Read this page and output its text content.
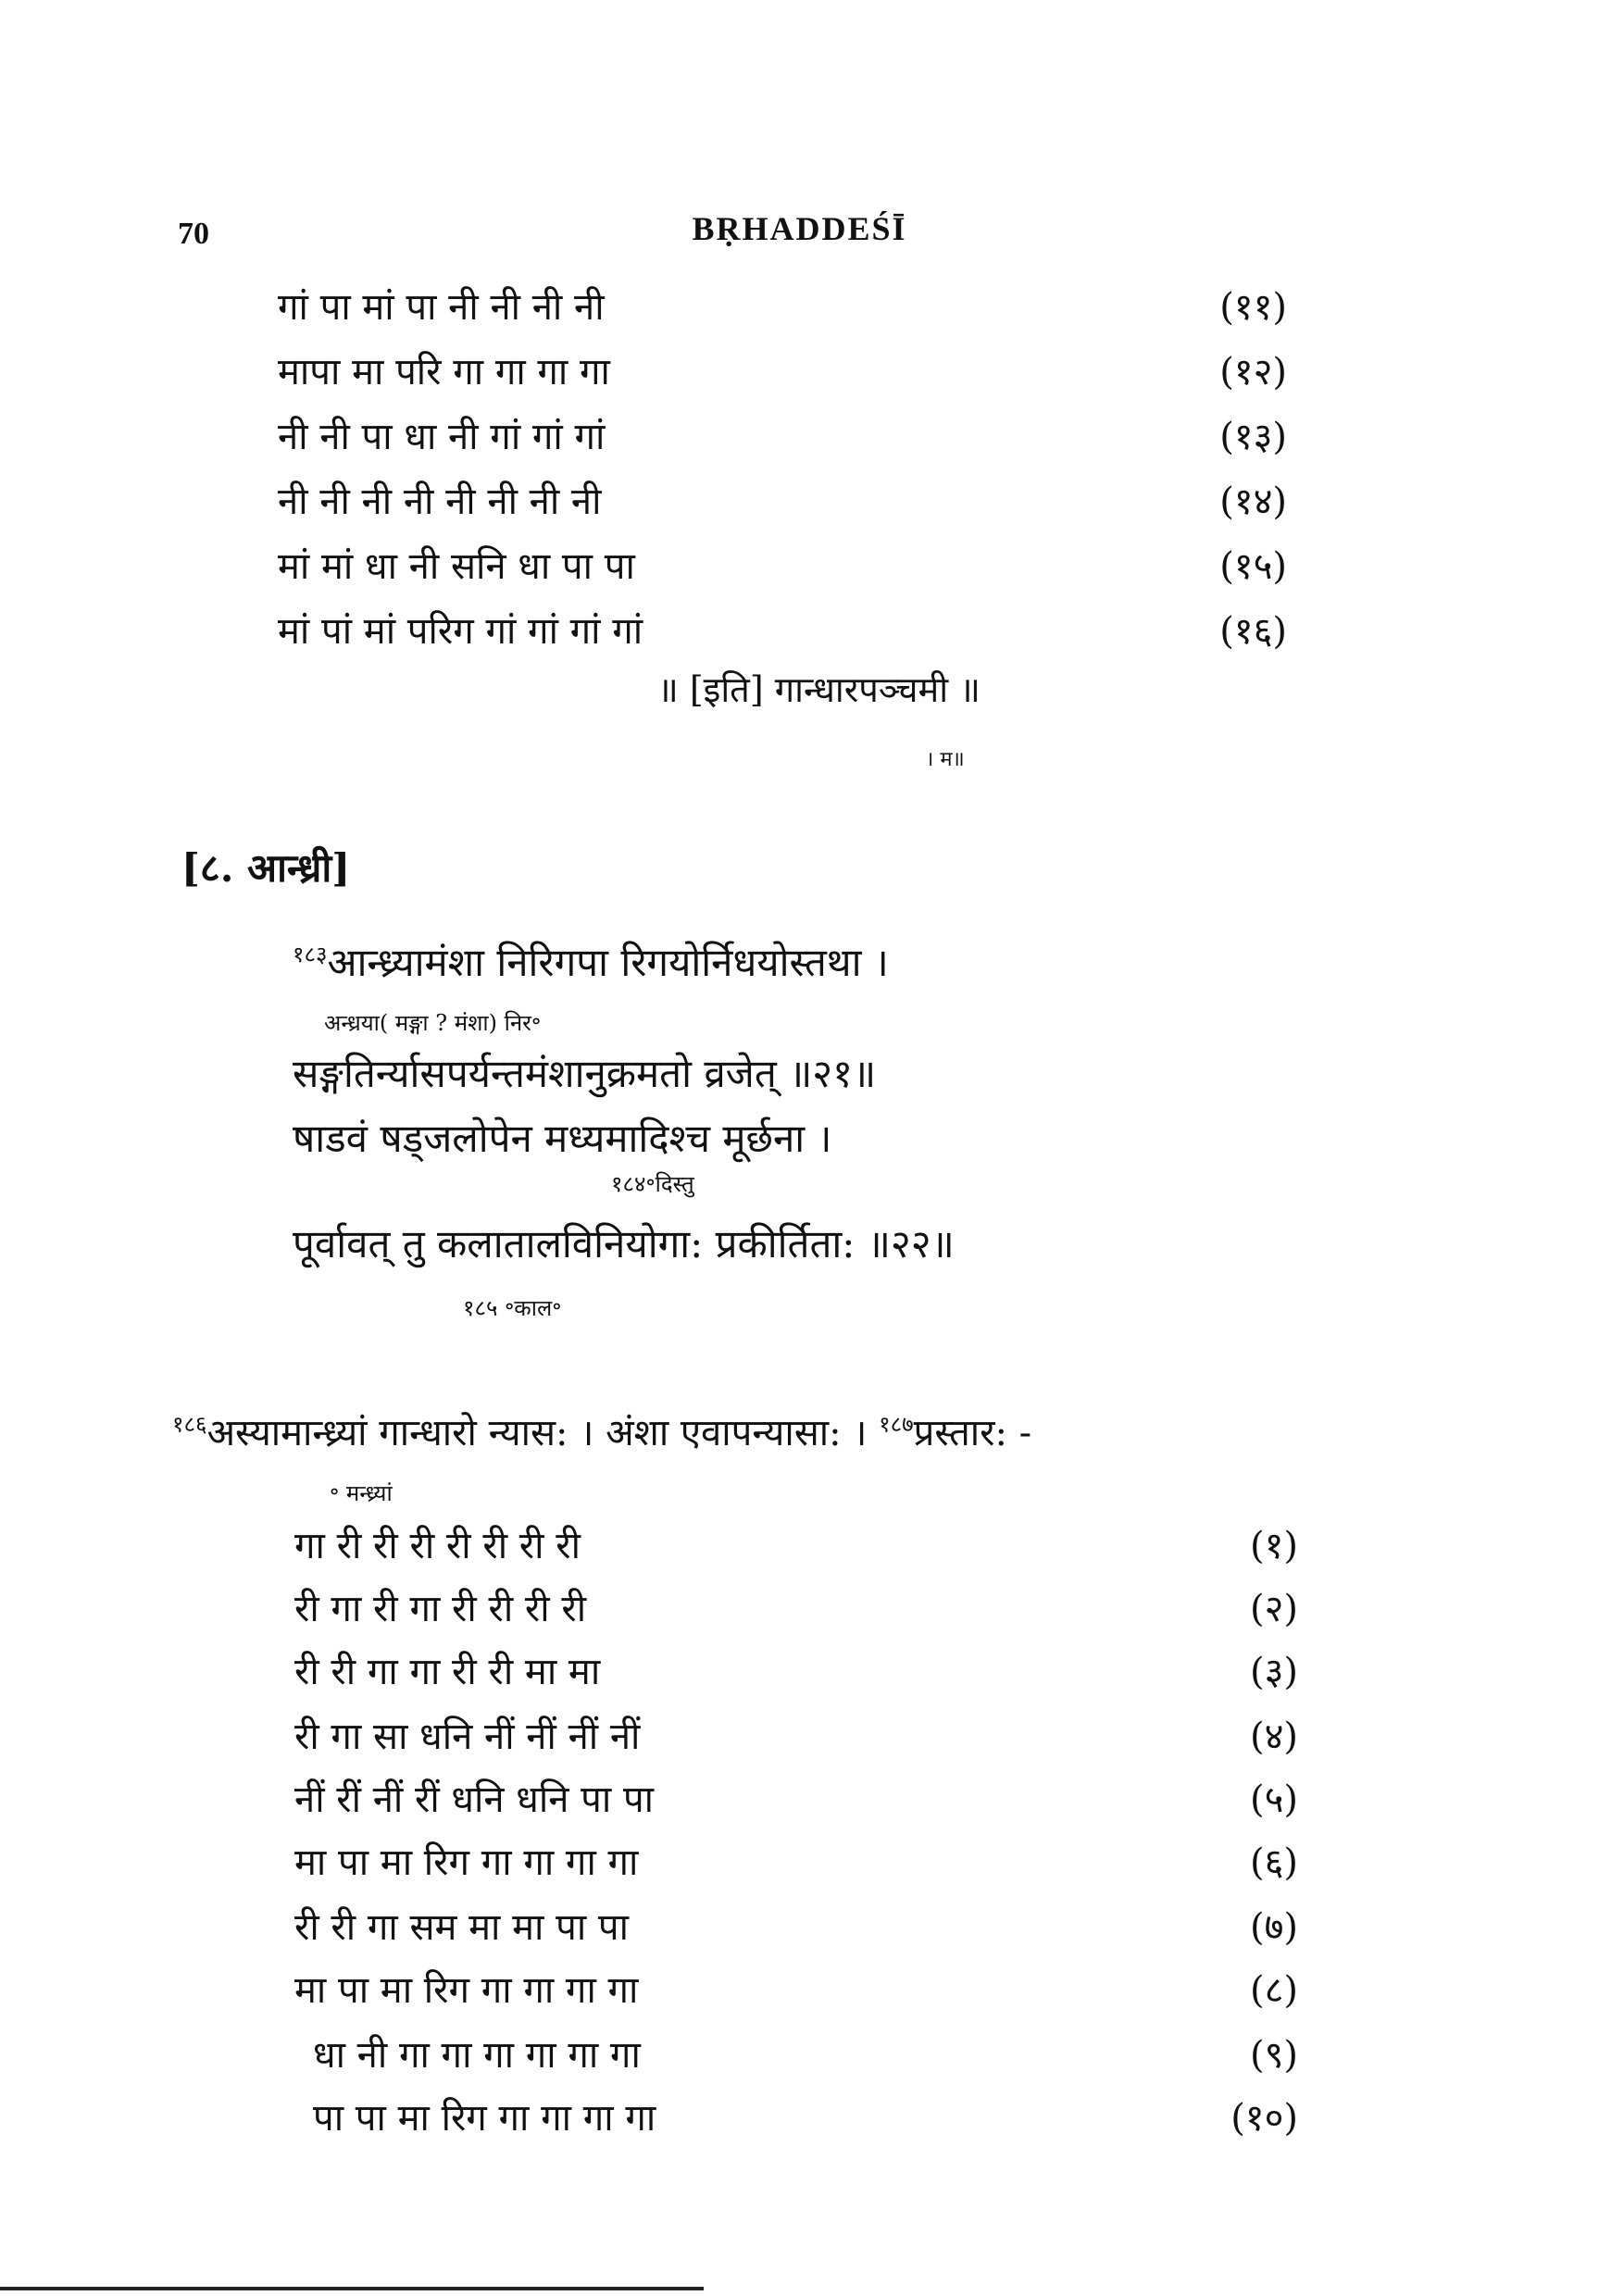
70	BṚHADDEŚĪ
गां पा मां पा नी नी नी नी	(११)
मापा मा परि गा गा गा गा	(१२)
नी नी पा धा नी गां गां गां	(१३)
नी नी नी नी नी नी नी नी	(१४)
मां मां धा नी सनि धा पा पा	(१५)
मां पां मां परिग गां गां गां गां	(१६)
॥ [इति] गान्धारपञ्चमी ॥
। म॥
[८. आन्ध्री]
$^{१८३}$आन्ध्र्यामंशा निरिगपा रिगयोर्निधयोस्तथा ।
अन्ध्रया( मङ्गा ? मंशा) निर॰
सङ्गतिर्न्यासपर्यन्तमंशानुक्रमतो व्रजेत् ॥२१॥
षाडवं षड्जलोपेन मध्यमादिश्च मूर्छना ।
१८४॰दिस्तु
पूर्वावत् तु कलातालविनियोगा: प्रकीर्तिता: ॥२२॥
१८५ ॰काल॰
$^{१८६}$अस्यामान्ध्र्यां गान्धारो न्यास: । अंशा एवापन्यासा: । $^{१८७}$प्रस्तार: -
॰ मन्ध्र्यां
गा री री री री री री री	(१)
री गा री गा री री री री	(२)
री री गा गा री री मा मा	(३)
री गा सा धनि नीं नीं नीं नीं	(४)
नीं रीं नीं रीं धनि धनि पा पा	(५)
मा पा मा रिग गा गा गा गा	(६)
री री गा सम मा मा पा पा	(७)
मा पा मा रिग गा गा गा गा	(८)
धा नी गा गा गा गा गा गा	(९)
पा पा मा रिग गा गा गा गा	(१०)
